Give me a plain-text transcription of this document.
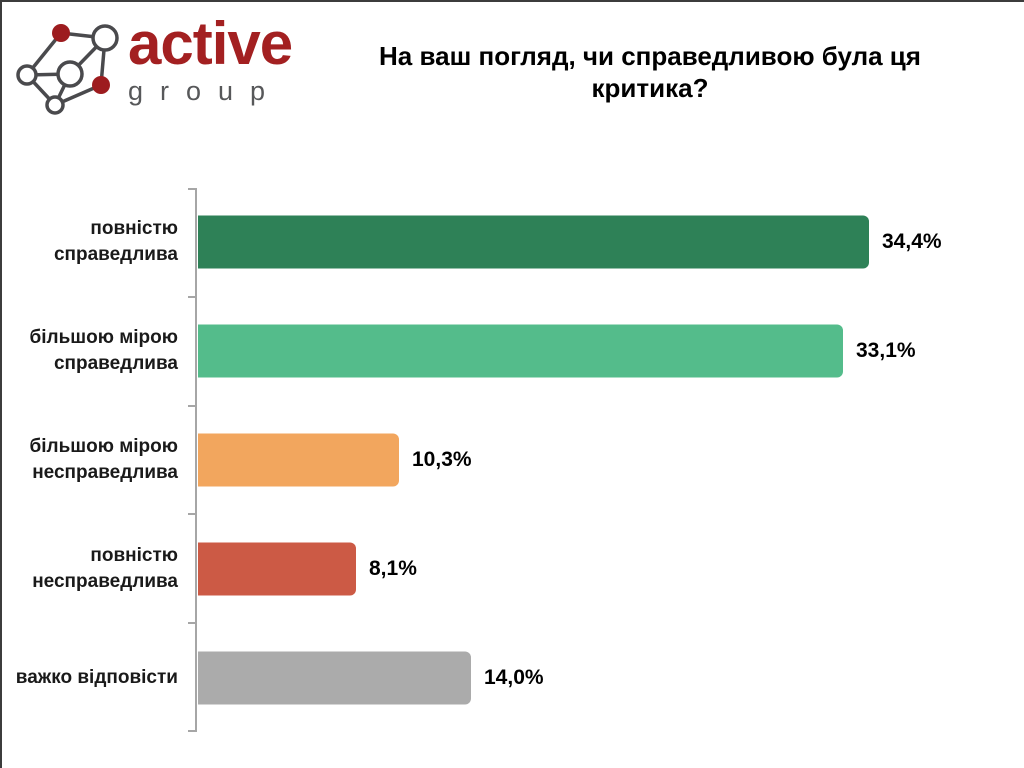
active
group
На ваш погляд, чи справедливою була ця критика?
повністю справедлива
34,4%
більшою мірою справедлива
33,1%
більшою мірою несправедлива
10,3%
повністю несправедлива
8,1%
важко відповісти	14,0%
